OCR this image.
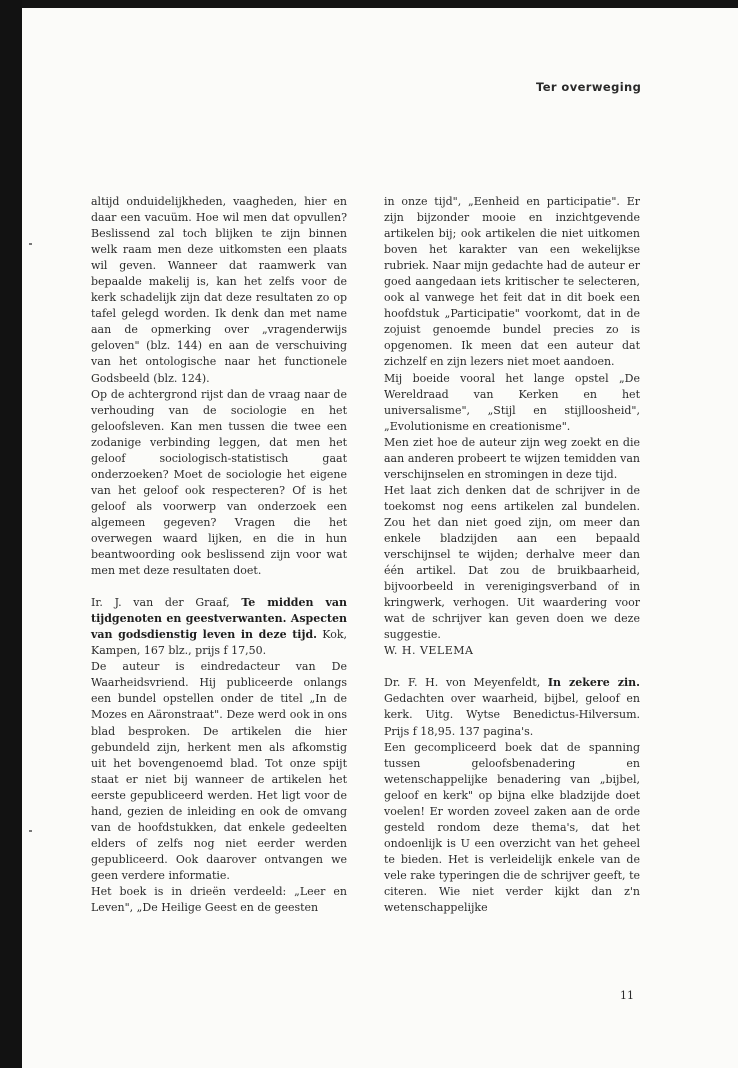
Ter overweging

altijd onduidelijkheden, vaagheden, hier en daar een vacuüm. Hoe wil men dat opvullen? Beslissend zal toch blijken te zijn binnen welk raam men deze uitkomsten een plaats wil geven. Wanneer dat raamwerk van bepaalde makelij is, kan het zelfs voor de kerk schadelijk zijn dat deze resultaten zo op tafel gelegd worden. Ik denk dan met name aan de opmerking over „vragenderwijs geloven" (blz. 144) en aan de verschuiving van het ontologische naar het functionele Godsbeeld (blz. 124).

Op de achtergrond rijst dan de vraag naar de verhouding van de sociologie en het geloofsleven. Kan men tussen die twee een zodanige verbinding leggen, dat men het geloof sociologisch-statistisch gaat onderzoeken? Moet de sociologie het eigene van het geloof ook respecteren? Of is het geloof als voorwerp van onderzoek een algemeen gegeven? Vragen die het overwegen waard lijken, en die in hun beantwoording ook beslissend zijn voor wat men met deze resultaten doet.

Ir. J. van der Graaf, Te midden van tijdgenoten en geestverwanten. Aspecten van godsdienstig leven in deze tijd. Kok, Kampen, 167 blz., prijs f 17,50.

De auteur is eindredacteur van De Waarheidsvriend. Hij publiceerde onlangs een bundel opstellen onder de titel „In de Mozes en Aäronstraat". Deze werd ook in ons blad besproken. De artikelen die hier gebundeld zijn, herkent men als afkomstig uit het bovengenoemd blad. Tot onze spijt staat er niet bij wanneer de artikelen het eerste gepubliceerd werden. Het ligt voor de hand, gezien de inleiding en ook de omvang van de hoofdstukken, dat enkele gedeelten elders of zelfs nog niet eerder werden gepubliceerd. Ook daarover ontvangen we geen verdere informatie.

Het boek is in drieën verdeeld: „Leer en Leven", „De Heilige Geest en de geesten

in onze tijd", „Eenheid en participatie". Er zijn bijzonder mooie en inzichtgevende artikelen bij; ook artikelen die niet uitkomen boven het karakter van een wekelijkse rubriek. Naar mijn gedachte had de auteur er goed aangedaan iets kritischer te selecteren, ook al vanwege het feit dat in dit boek een hoofdstuk „Participatie" voorkomt, dat in de zojuist genoemde bundel precies zo is opgenomen. Ik meen dat een auteur dat zichzelf en zijn lezers niet moet aandoen.

Mij boeide vooral het lange opstel „De Wereldraad van Kerken en het universalisme", „Stijl en stijlloosheid", „Evolutionisme en creationisme".

Men ziet hoe de auteur zijn weg zoekt en die aan anderen probeert te wijzen temidden van verschijnselen en stromingen in deze tijd.

Het laat zich denken dat de schrijver in de toekomst nog eens artikelen zal bundelen. Zou het dan niet goed zijn, om meer dan enkele bladzijden aan een bepaald verschijnsel te wijden; derhalve meer dan één artikel. Dat zou de bruikbaarheid, bijvoorbeeld in verenigingsverband of in kringwerk, verhogen. Uit waardering voor wat de schrijver kan geven doen we deze suggestie.

W. H. VELEMA

Dr. F. H. von Meyenfeldt, In zekere zin. Gedachten over waarheid, bijbel, geloof en kerk. Uitg. Wytse Benedictus-Hilversum. Prijs f 18,95. 137 pagina's.

Een gecompliceerd boek dat de spanning tussen geloofsbenadering en wetenschappelijke benadering van „bijbel, geloof en kerk" op bijna elke bladzijde doet voelen! Er worden zoveel zaken aan de orde gesteld rondom deze thema's, dat het ondoenlijk is U een overzicht van het geheel te bieden. Het is verleidelijk enkele van de vele rake typeringen die de schrijver geeft, te citeren. Wie niet verder kijkt dan z'n wetenschappelijke

11
